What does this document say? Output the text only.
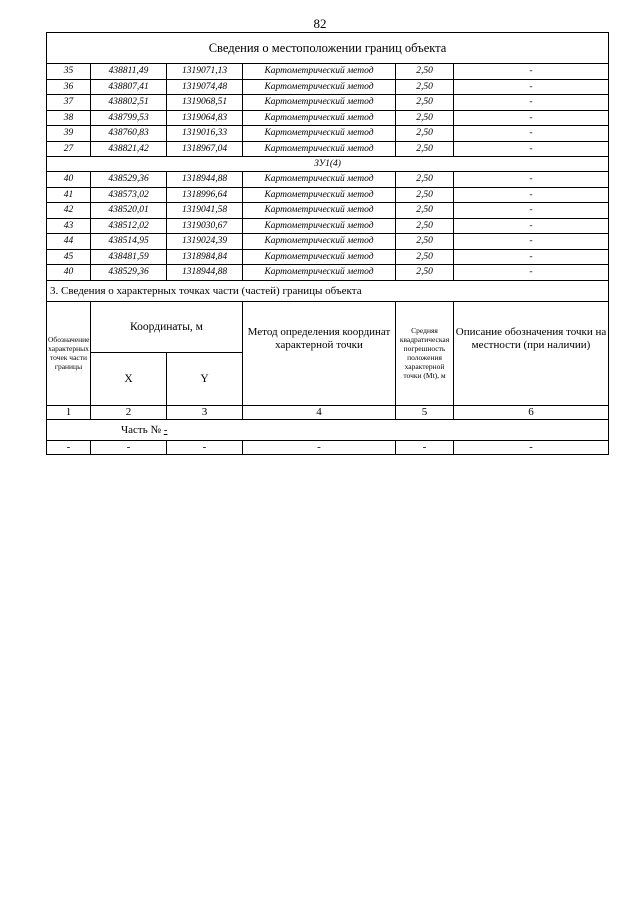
82
Сведения о местоположении границ объекта					
35	438811,49	1319071,13	Картометрический метод	2,50	-
36	438807,41	1319074,48	Картометрический метод	2,50	-
37	438802,51	1319068,51	Картометрический метод	2,50	-
38	438799,53	1319064,83	Картометрический метод	2,50	-
39	438760,83	1319016,33	Картометрический метод	2,50	-
27	438821,42	1318967,04	Картометрический метод	2,50	-
ЗУ1(4)					
40	438529,36	1318944,88	Картометрический метод	2,50	-
41	438573,02	1318996,64	Картометрический метод	2,50	-
42	438520,01	1319041,58	Картометрический метод	2,50	-
43	438512,02	1319030,67	Картометрический метод	2,50	-
44	438514,95	1319024,39	Картометрический метод	2,50	-
45	438481,59	1318984,84	Картометрический метод	2,50	-
40	438529,36	1318944,88	Картометрический метод	2,50	-
3. Сведения о характерных точках части (частей) границы объекта					
Обозначение характерных точек части границы	Координаты, м		Метод определения координат характерной точки	Средняя квадратическая погрешность положения характерной точки (Mt), м	Описание обозначения точки на местности (при наличии)
	X	Y			
1	2	3	4	5	6
Часть № -					
-	-	-	-	-	-
